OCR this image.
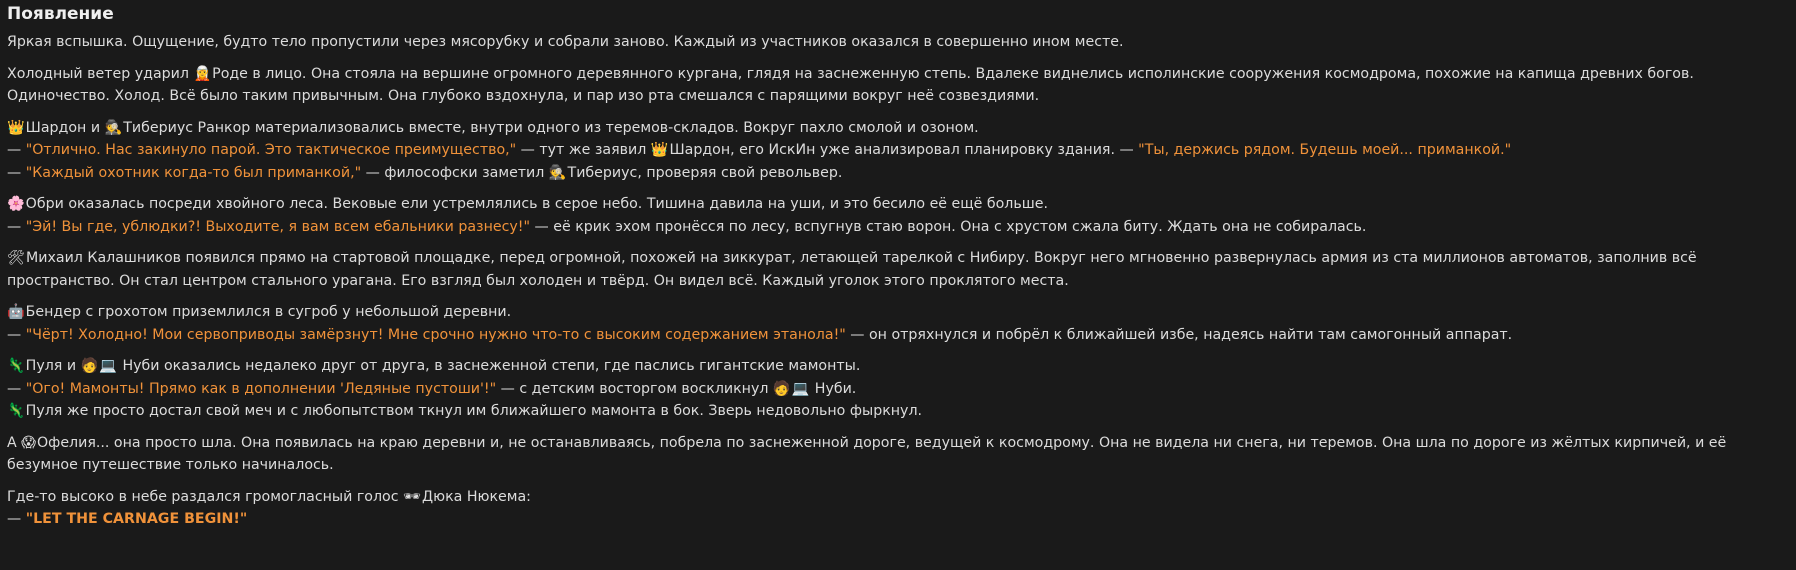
Появление

Яркая вспышка. Ощущение, будто тело пропустили через мясорубку и собрали заново. Каждый из участников оказался в совершенно ином месте.

Холодный ветер ударил 🧝Роде в лицо. Она стояла на вершине огромного деревянного кургана, глядя на заснеженную степь. Вдалеке виднелись исполинские сооружения космодрома, похожие на капища древних богов. Одиночество. Холод. Всё было таким привычным. Она глубоко вздохнула, и пар изо рта смешался с парящими вокруг неё созвездиями.

👑Шардон и 🕵Тибериус Ранкор материализовались вместе, внутри одного из теремов-складов. Вокруг пахло смолой и озоном.
— "Отлично. Нас закинуло парой. Это тактическое преимущество," — тут же заявил 👑Шардон, его ИскИн уже анализировал планировку здания. — "Ты, держись рядом. Будешь моей... приманкой."
— "Каждый охотник когда-то был приманкой," — философски заметил 🕵Тибериус, проверяя свой револьвер.

🌸Обри оказалась посреди хвойного леса. Вековые ели устремлялись в серое небо. Тишина давила на уши, и это бесило её ещё больше.
— "Эй! Вы где, ублюдки?! Выходите, я вам всем ебальники разнесу!" — её крик эхом пронёсся по лесу, вспугнув стаю ворон. Она с хрустом сжала биту. Ждать она не собиралась.

🛠Михаил Калашников появился прямо на стартовой площадке, перед огромной, похожей на зиккурат, летающей тарелкой с Нибиру. Вокруг него мгновенно развернулась армия из ста миллионов автоматов, заполнив всё пространство. Он стал центром стального урагана. Его взгляд был холоден и твёрд. Он видел всё. Каждый уголок этого проклятого места.

🤖Бендер с грохотом приземлился в сугроб у небольшой деревни.
— "Чёрт! Холодно! Мои сервоприводы замёрзнут! Мне срочно нужно что-то с высоким содержанием этанола!" — он отряхнулся и побрёл к ближайшей избе, надеясь найти там самогонный аппарат.

🦎Пуля и 🧑💻 Нуби оказались недалеко друг от друга, в заснеженной степи, где паслись гигантские мамонты.
— "Ого! Мамонты! Прямо как в дополнении 'Ледяные пустоши'!" — с детским восторгом воскликнул 🧑💻 Нуби.
🦎Пуля же просто достал свой меч и с любопытством ткнул им ближайшего мамонта в бок. Зверь недовольно фыркнул.

А 😱Офелия... она просто шла. Она появилась на краю деревни и, не останавливаясь, побрела по заснеженной дороге, ведущей к космодрому. Она не видела ни снега, ни теремов. Она шла по дороге из жёлтых кирпичей, и её безумное путешествие только начиналось.

Где-то высоко в небе раздался громогласный голос 🕶Дюка Нюкема:
— "LET THE CARNAGE BEGIN!"
